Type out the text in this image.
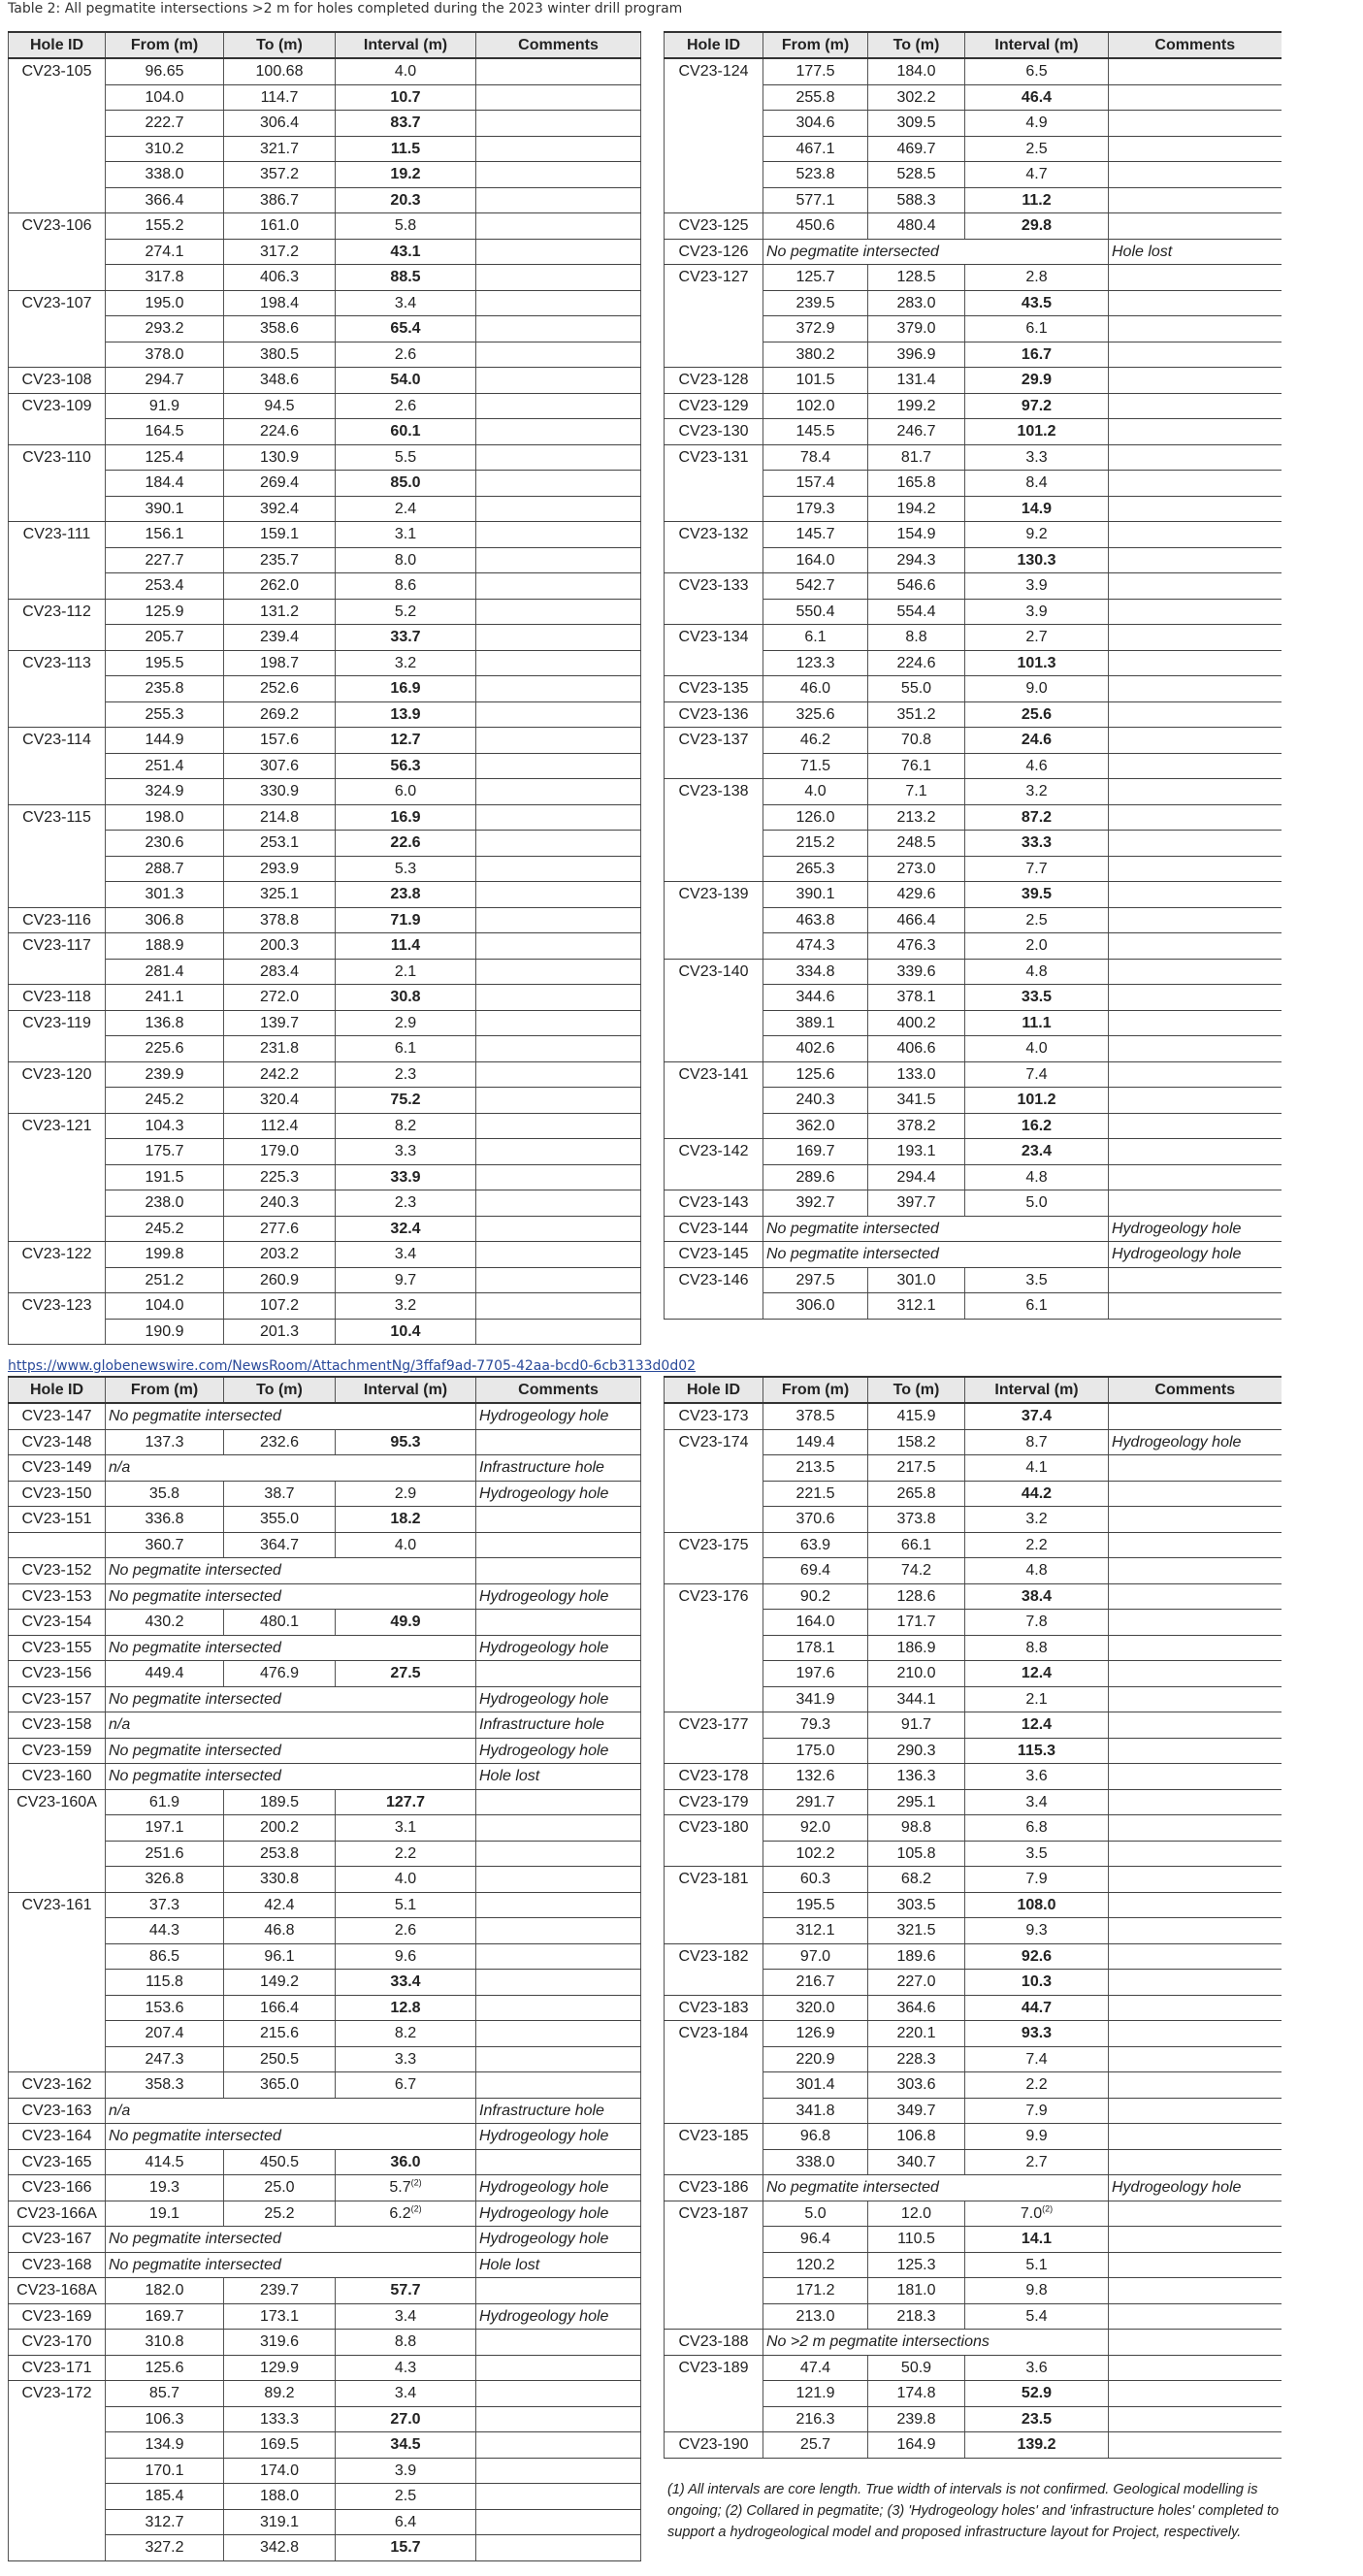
Table 2: All pegmatite intersections >2 m for holes completed during the 2023 winter drill program
https://www.globenewswire.com/NewsRoom/AttachmentNg/3ffaf9ad-7705-42aa-bcd0-6cb3133d0d02
Hole ID	From (m)	To (m)	Interval (m)	Comments
CV23-105	96.65	100.68	4.0	
	104.0	114.7	10.7	
	222.7	306.4	83.7	
	310.2	321.7	11.5	
	338.0	357.2	19.2	
	366.4	386.7	20.3	
CV23-106	155.2	161.0	5.8	
	274.1	317.2	43.1	
	317.8	406.3	88.5	
CV23-107	195.0	198.4	3.4	
	293.2	358.6	65.4	
	378.0	380.5	2.6	
CV23-108	294.7	348.6	54.0	
CV23-109	91.9	94.5	2.6	
	164.5	224.6	60.1	
CV23-110	125.4	130.9	5.5	
	184.4	269.4	85.0	
	390.1	392.4	2.4	
CV23-111	156.1	159.1	3.1	
	227.7	235.7	8.0	
	253.4	262.0	8.6	
CV23-112	125.9	131.2	5.2	
	205.7	239.4	33.7	
CV23-113	195.5	198.7	3.2	
	235.8	252.6	16.9	
	255.3	269.2	13.9	
CV23-114	144.9	157.6	12.7	
	251.4	307.6	56.3	
	324.9	330.9	6.0	
CV23-115	198.0	214.8	16.9	
	230.6	253.1	22.6	
	288.7	293.9	5.3	
	301.3	325.1	23.8	
CV23-116	306.8	378.8	71.9	
CV23-117	188.9	200.3	11.4	
	281.4	283.4	2.1	
CV23-118	241.1	272.0	30.8	
CV23-119	136.8	139.7	2.9	
	225.6	231.8	6.1	
CV23-120	239.9	242.2	2.3	
	245.2	320.4	75.2	
CV23-121	104.3	112.4	8.2	
	175.7	179.0	3.3	
	191.5	225.3	33.9	
	238.0	240.3	2.3	
	245.2	277.6	32.4	
CV23-122	199.8	203.2	3.4	
	251.2	260.9	9.7	
CV23-123	104.0	107.2	3.2	
	190.9	201.3	10.4	
Hole ID	From (m)	To (m)	Interval (m)	Comments
CV23-124	177.5	184.0	6.5	
	255.8	302.2	46.4	
	304.6	309.5	4.9	
	467.1	469.7	2.5	
	523.8	528.5	4.7	
	577.1	588.3	11.2	
CV23-125	450.6	480.4	29.8	
CV23-126	No pegmatite intersected			Hole lost
CV23-127	125.7	128.5	2.8	
	239.5	283.0	43.5	
	372.9	379.0	6.1	
	380.2	396.9	16.7	
CV23-128	101.5	131.4	29.9	
CV23-129	102.0	199.2	97.2	
CV23-130	145.5	246.7	101.2	
CV23-131	78.4	81.7	3.3	
	157.4	165.8	8.4	
	179.3	194.2	14.9	
CV23-132	145.7	154.9	9.2	
	164.0	294.3	130.3	
CV23-133	542.7	546.6	3.9	
	550.4	554.4	3.9	
CV23-134	6.1	8.8	2.7	
	123.3	224.6	101.3	
CV23-135	46.0	55.0	9.0	
CV23-136	325.6	351.2	25.6	
CV23-137	46.2	70.8	24.6	
	71.5	76.1	4.6	
CV23-138	4.0	7.1	3.2	
	126.0	213.2	87.2	
	215.2	248.5	33.3	
	265.3	273.0	7.7	
CV23-139	390.1	429.6	39.5	
	463.8	466.4	2.5	
	474.3	476.3	2.0	
CV23-140	334.8	339.6	4.8	
	344.6	378.1	33.5	
	389.1	400.2	11.1	
	402.6	406.6	4.0	
CV23-141	125.6	133.0	7.4	
	240.3	341.5	101.2	
	362.0	378.2	16.2	
CV23-142	169.7	193.1	23.4	
	289.6	294.4	4.8	
CV23-143	392.7	397.7	5.0	
CV23-144	No pegmatite intersected			Hydrogeology hole
CV23-145	No pegmatite intersected			Hydrogeology hole
CV23-146	297.5	301.0	3.5	
	306.0	312.1	6.1	
Hole ID	From (m)	To (m)	Interval (m)	Comments
CV23-147	No pegmatite intersected			Hydrogeology hole
CV23-148	137.3	232.6	95.3	
CV23-149	n/a			Infrastructure hole
CV23-150	35.8	38.7	2.9	Hydrogeology hole
CV23-151	336.8	355.0	18.2	
	360.7	364.7	4.0	
CV23-152	No pegmatite intersected			
CV23-153	No pegmatite intersected			Hydrogeology hole
CV23-154	430.2	480.1	49.9	
CV23-155	No pegmatite intersected			Hydrogeology hole
CV23-156	449.4	476.9	27.5	
CV23-157	No pegmatite intersected			Hydrogeology hole
CV23-158	n/a			Infrastructure hole
CV23-159	No pegmatite intersected			Hydrogeology hole
CV23-160	No pegmatite intersected			Hole lost
CV23-160A	61.9	189.5	127.7	
	197.1	200.2	3.1	
	251.6	253.8	2.2	
	326.8	330.8	4.0	
CV23-161	37.3	42.4	5.1	
	44.3	46.8	2.6	
	86.5	96.1	9.6	
	115.8	149.2	33.4	
	153.6	166.4	12.8	
	207.4	215.6	8.2	
	247.3	250.5	3.3	
CV23-162	358.3	365.0	6.7	
CV23-163	n/a			Infrastructure hole
CV23-164	No pegmatite intersected			Hydrogeology hole
CV23-165	414.5	450.5	36.0	
CV23-166	19.3	25.0	5.7$^{(2)}$	Hydrogeology hole
CV23-166A	19.1	25.2	6.2$^{(2)}$	Hydrogeology hole
CV23-167	No pegmatite intersected			Hydrogeology hole
CV23-168	No pegmatite intersected			Hole lost
CV23-168A	182.0	239.7	57.7	
CV23-169	169.7	173.1	3.4	Hydrogeology hole
CV23-170	310.8	319.6	8.8	
CV23-171	125.6	129.9	4.3	
CV23-172	85.7	89.2	3.4	
	106.3	133.3	27.0	
	134.9	169.5	34.5	
	170.1	174.0	3.9	
	185.4	188.0	2.5	
	312.7	319.1	6.4	
	327.2	342.8	15.7	
Hole ID	From (m)	To (m)	Interval (m)	Comments
CV23-173	378.5	415.9	37.4	
CV23-174	149.4	158.2	8.7	Hydrogeology hole
	213.5	217.5	4.1	
	221.5	265.8	44.2	
	370.6	373.8	3.2	
CV23-175	63.9	66.1	2.2	
	69.4	74.2	4.8	
CV23-176	90.2	128.6	38.4	
	164.0	171.7	7.8	
	178.1	186.9	8.8	
	197.6	210.0	12.4	
	341.9	344.1	2.1	
CV23-177	79.3	91.7	12.4	
	175.0	290.3	115.3	
CV23-178	132.6	136.3	3.6	
CV23-179	291.7	295.1	3.4	
CV23-180	92.0	98.8	6.8	
	102.2	105.8	3.5	
CV23-181	60.3	68.2	7.9	
	195.5	303.5	108.0	
	312.1	321.5	9.3	
CV23-182	97.0	189.6	92.6	
	216.7	227.0	10.3	
CV23-183	320.0	364.6	44.7	
CV23-184	126.9	220.1	93.3	
	220.9	228.3	7.4	
	301.4	303.6	2.2	
	341.8	349.7	7.9	
CV23-185	96.8	106.8	9.9	
	338.0	340.7	2.7	
CV23-186	No pegmatite intersected			Hydrogeology hole
CV23-187	5.0	12.0	7.0$^{(2)}$	
	96.4	110.5	14.1	
	120.2	125.3	5.1	
	171.2	181.0	9.8	
	213.0	218.3	5.4	
CV23-188	No >2 m pegmatite intersections			
CV23-189	47.4	50.9	3.6	
	121.9	174.8	52.9	
	216.3	239.8	23.5	
CV23-190	25.7	164.9	139.2	
(1) All intervals are core length. True width of intervals is not confirmed. Geological modelling is ongoing; (2) Collared in pegmatite; (3) 'Hydrogeology holes' and 'infrastructure holes' completed to support a hydrogeological model and proposed infrastructure layout for Project, respectively.
